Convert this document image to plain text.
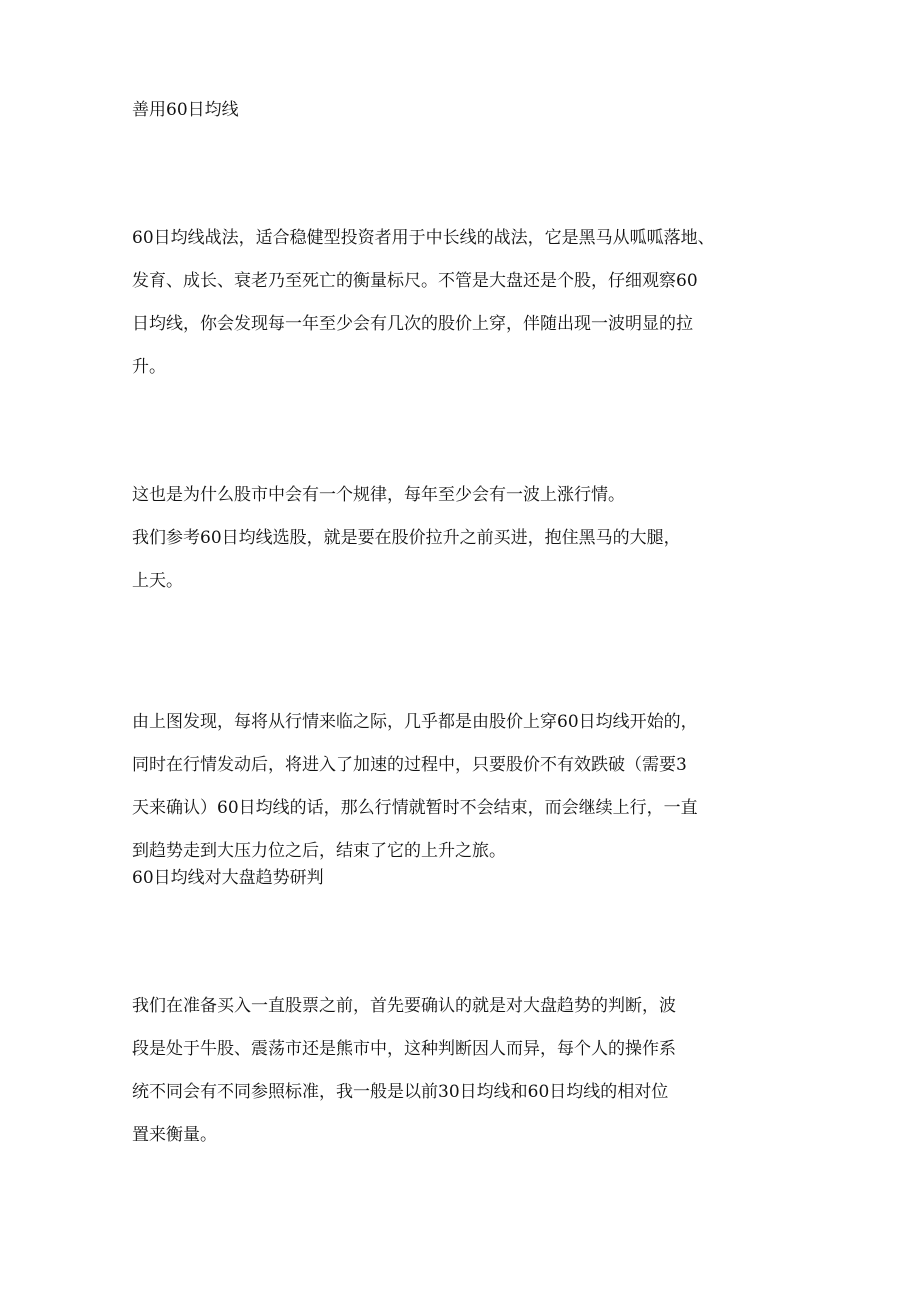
善用60日均线

60日均线战法，适合稳健型投资者用于中长线的战法，它是黑马从呱呱落地、

发育、成长、衰老乃至死亡的衡量标尺。不管是大盘还是个股，仔细观察60

日均线，你会发现每一年至少会有几次的股价上穿，伴随出现一波明显的拉

升。

这也是为什么股市中会有一个规律，每年至少会有一波上涨行情。

我们参考60日均线选股，就是要在股价拉升之前买进，抱住黑马的大腿，

上天。

由上图发现，每将从行情来临之际，几乎都是由股价上穿60日均线开始的，

同时在行情发动后，将进入了加速的过程中，只要股价不有效跌破（需要3

天来确认）60日均线的话，那么行情就暂时不会结束，而会继续上行，一直

到趋势走到大压力位之后，结束了它的上升之旅。

60日均线对大盘趋势研判

我们在准备买入一直股票之前，首先要确认的就是对大盘趋势的判断，波

段是处于牛股、震荡市还是熊市中，这种判断因人而异，每个人的操作系

统不同会有不同参照标准，我一般是以前30日均线和60日均线的相对位

置来衡量。
